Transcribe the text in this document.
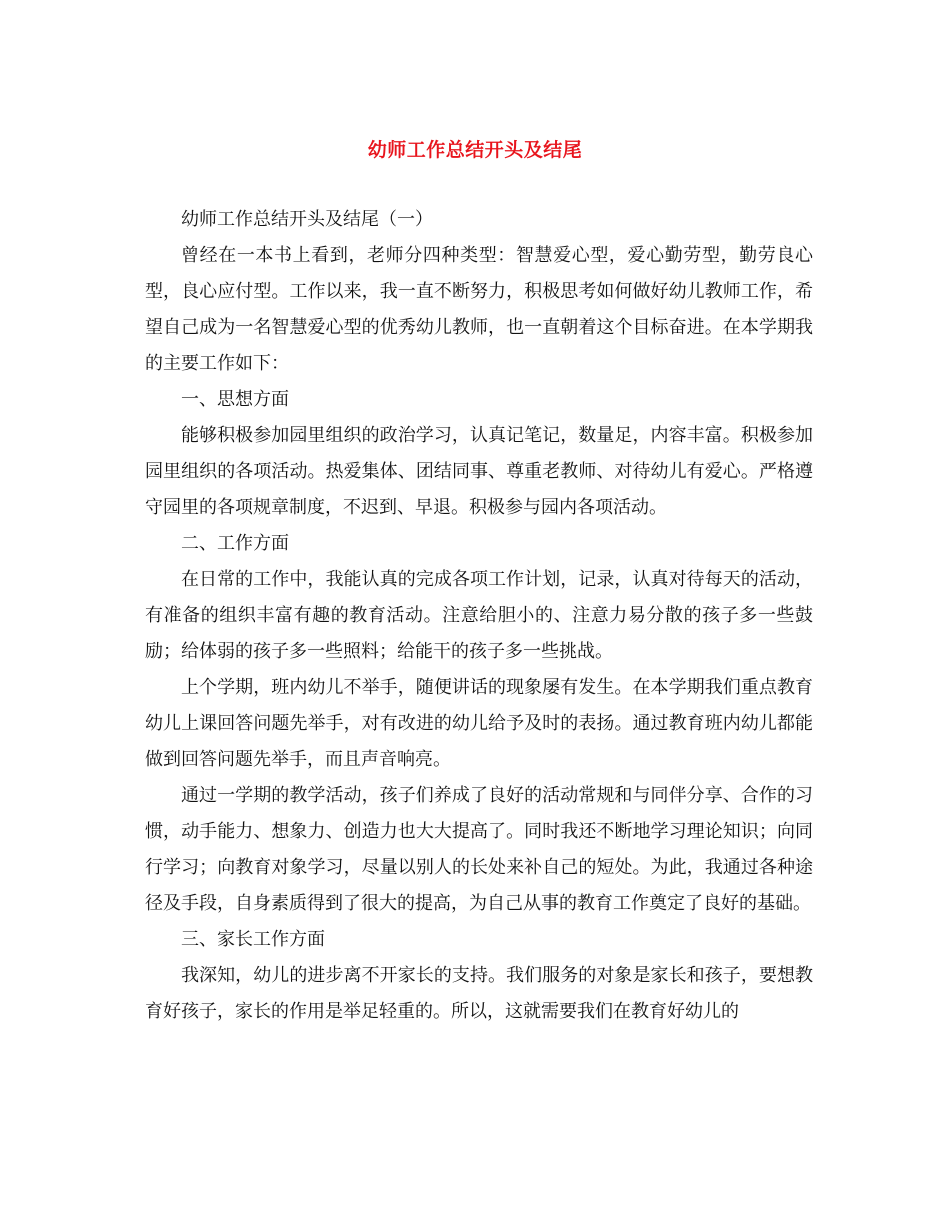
幼师工作总结开头及结尾

幼师工作总结开头及结尾（一）

曾经在一本书上看到，老师分四种类型：智慧爱心型，爱心勤劳型，勤劳良心型，良心应付型。工作以来，我一直不断努力，积极思考如何做好幼儿教师工作，希望自己成为一名智慧爱心型的优秀幼儿教师，也一直朝着这个目标奋进。在本学期我的主要工作如下：

一、思想方面

能够积极参加园里组织的政治学习，认真记笔记，数量足，内容丰富。积极参加园里组织的各项活动。热爱集体、团结同事、尊重老教师、对待幼儿有爱心。严格遵守园里的各项规章制度，不迟到、早退。积极参与园内各项活动。

二、工作方面

在日常的工作中，我能认真的完成各项工作计划，记录，认真对待每天的活动，有准备的组织丰富有趣的教育活动。注意给胆小的、注意力易分散的孩子多一些鼓励；给体弱的孩子多一些照料；给能干的孩子多一些挑战。

上个学期，班内幼儿不举手，随便讲话的现象屡有发生。在本学期我们重点教育幼儿上课回答问题先举手，对有改进的幼儿给予及时的表扬。通过教育班内幼儿都能做到回答问题先举手，而且声音响亮。

通过一学期的教学活动，孩子们养成了良好的活动常规和与同伴分享、合作的习惯，动手能力、想象力、创造力也大大提高了。同时我还不断地学习理论知识；向同行学习；向教育对象学习，尽量以别人的长处来补自己的短处。为此，我通过各种途径及手段，自身素质得到了很大的提高，为自己从事的教育工作奠定了良好的基础。

三、家长工作方面

我深知，幼儿的进步离不开家长的支持。我们服务的对象是家长和孩子，要想教育好孩子，家长的作用是举足轻重的。所以，这就需要我们在教育好幼儿的
